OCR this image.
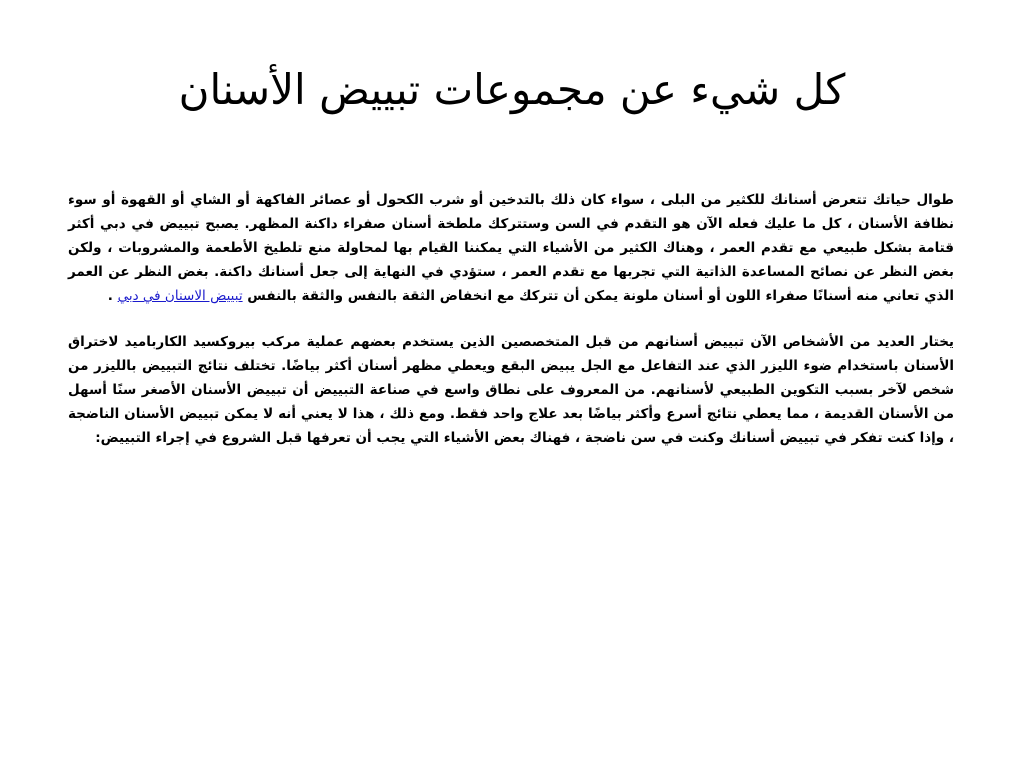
كل شيء عن مجموعات تبييض الأسنان

طوال حياتك تتعرض أسنانك للكثير من البلى ، سواء كان ذلك بالتدخين أو شرب الكحول أو عصائر الفاكهة أو الشاي أو القهوة أو سوء نظافة الأسنان ، كل ما عليك فعله الآن هو التقدم في السن وستتركك ملطخة أسنان صفراء داكنة المظهر. يصبح تبييض في دبي أكثر قتامة بشكل طبيعي مع تقدم العمر ، وهناك الكثير من الأشياء التي يمكننا القيام بها لمحاولة منع تلطيخ الأطعمة والمشروبات ، ولكن بغض النظر عن نصائح المساعدة الذاتية التي تجربها مع تقدم العمر ، ستؤدي في النهاية إلى جعل أسنانك داكنة. بغض النظر عن العمر الذي تعاني منه أسنانًا صفراء اللون أو أسنان ملونة يمكن أن تتركك مع انخفاض الثقة بالنفس والثقة بالنفس تبييض الاسنان في دبي .

يختار العديد من الأشخاص الآن تبييض أسنانهم من قبل المتخصصين الذين يستخدم بعضهم عملية مركب بيروكسيد الكارباميد لاختراق الأسنان باستخدام ضوء الليزر الذي عند التفاعل مع الجل يبيض البقع ويعطي مظهر أسنان أكثر بياضًا. تختلف نتائج التبييض بالليزر من شخص لآخر بسبب التكوين الطبيعي لأسنانهم. من المعروف على نطاق واسع في صناعة التبييض أن تبييض الأسنان الأصغر سنًا أسهل من الأسنان القديمة ، مما يعطي نتائج أسرع وأكثر بياضًا بعد علاج واحد فقط. ومع ذلك ، هذا لا يعني أنه لا يمكن تبييض الأسنان الناضجة ، وإذا كنت تفكر في تبييض أسنانك وكنت في سن ناضجة ، فهناك بعض الأشياء التي يجب أن تعرفها قبل الشروع في إجراء التبييض:
